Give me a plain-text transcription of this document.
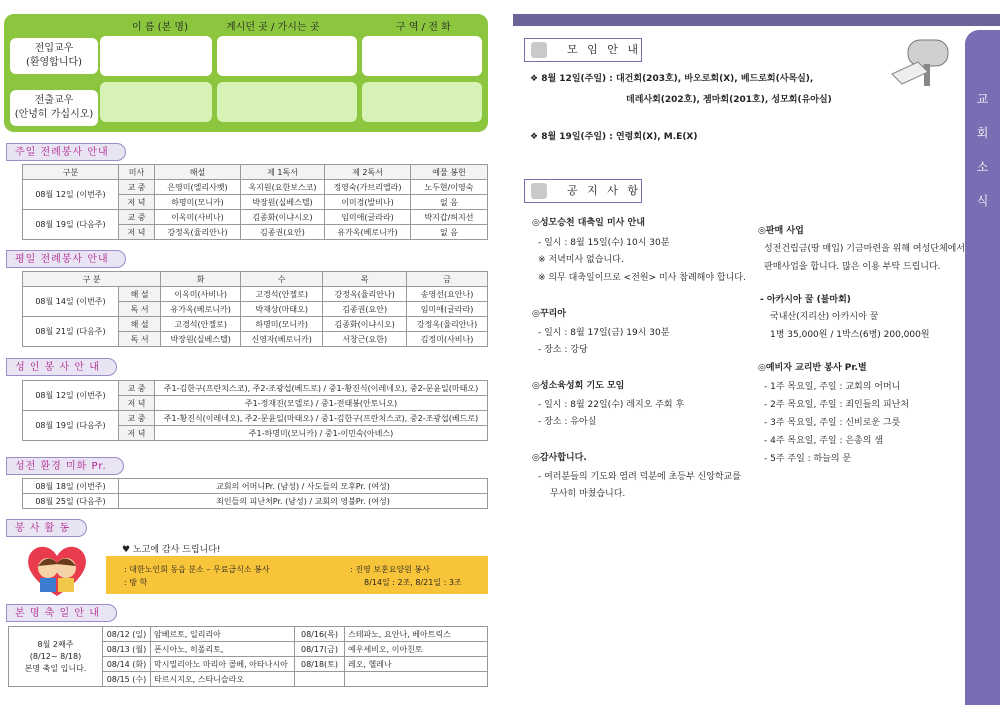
이 름 (본 명)	계시던 곳 / 가시는 곳	구 역 / 전 화
전입교우
(환영합니다)
전출교우
(안녕히 가십시오)
주일 전례봉사 안내
구분	미사	해설	제 1독서	제 2독서	예물 봉헌
08월 12일 (이번주)	교 중	은영미(엘리사벳)	옥지원(요한보스코)	정영숙(가브리엘라)	노두현/이영숙
	저 녁	하명미(모니카)	박장원(실베스텔)	이미경(발비나)	없 음
08월 19일 (다음주)	교 중	이옥미(사비나)	김종화(이냐시오)	임미애(글라라)	박지갑/허지선
	저 녁	강정옥(율리안나)	김종권(요안)	유가옥(베로니카)	없 음
평일 전례봉사 안내
구 분		화	수	목	금
08월 14일 (이번주)	해 설	이옥미(사비나)	고경석(안젤로)	강정옥(율리안나)	송영선(요안나)
	독 서	유가옥(베로니카)	박재상(마태오)	김종권(요안)	임미애(글라라)
08월 21일 (다음주)	해 설	고경석(안젤로)	하명미(모니카)	김종화(이냐시오)	강정옥(율리안나)
	독 서	박장원(실베스텔)	신영자(베로니카)	서창근(요한)	김정미(사비나)
성 인 봉 사 안 내
08월 12일 (이번주)	교 중	주1-김한구(프란치스코), 주2-조광섭(베드로) / 중1-황진식(이레네오), 중2-문윤일(마태오)
	저 녁	주1-정재진(모델로) / 중1-전태봉(안토니오)
08월 19일 (다음주)	교 중	주1-황진식(이레네오), 주2-문윤일(마태오) / 중1-김한구(프란치스코), 중2-조광섭(베드로)
	저 녁	주1-하명미(모니카) / 중1-이민숙(아녜스)
성전 환경 미화 Pr.
08월 18일 (이번주)	교회의 어머니Pr. (남성) / 사도들의 모후Pr. (여성)
08월 25일 (다음주)	죄인들의 피난처Pr. (남성) / 교회의 영불Pr. (여성)
봉 사 활 동
♥ 노고에 감사 드립니다!
: 대한노인회 동읍 분소 – 무료급식소 봉사
: 방 학
: 진영 보훈요양원 봉사
8/14일 : 2조, 8/21일 : 3조
본 명 축 일 안 내
8월 2째주
(8/12~ 8/18)
본명 축일 입니다.	08/12 (일)	암베르토, 일리리아	08/16(목)	스테파노, 요안나, 베아트릭스
	08/13 (월)	폰시아노, 히폴리토,	08/17(금)	예우세비오, 이아친토
	08/14 (화)	막시밀리아노 마리아 콜베, 아타나시아	08/18(토)	레오, 헬레나
	08/15 (수)	타르시지오, 스타니슬라오		
교
회
소
식
모 임 안 내
❖ 8월 12일(주일) : 대건회(203호), 바오로회(X), 베드로회(사목실),
데레사회(202호), 젬마회(201호), 성모회(유아실)
❖ 8월 19일(주일) : 연령회(X), M.E(X)
공 지 사 항
◎성모승천 대축일 미사 안내
- 일시 : 8월 15일(수) 10시 30분
※ 저녁미사 없습니다.
※ 의무 대축일이므로 <전원> 미사 참례해야 합니다.
◎꾸리아
- 일시 : 8월 17일(금) 19시 30분
- 장소 : 강당
◎성소육성회 기도 모임
- 일시 : 8월 22일(수) 레지오 주회 후
- 장소 : 유아실
◎감사합니다.
- 여러분들의 기도와 염려 덕분에 초등부 신앙학교를
무사히 마쳤습니다.
◎판매 사업
성전건립금(땅 매입) 기금마련을 위해 여성단체에서
판매사업을 합니다. 많은 이용 부탁 드립니다.
- 아카시아 꿀 (불마회)
국내산(지리산) 아카시아 꿀
1병 35,000원 / 1박스(6병) 200,000원
◎예비자 교리반 봉사 Pr.별
- 1주 목요일, 주일 : 교회의 어머니
- 2주 목요일, 주일 : 죄인들의 피난처
- 3주 목요일, 주일 : 신비로운 그릇
- 4주 목요일, 주일 : 은총의 샘
- 5주 주일 : 하늘의 문
